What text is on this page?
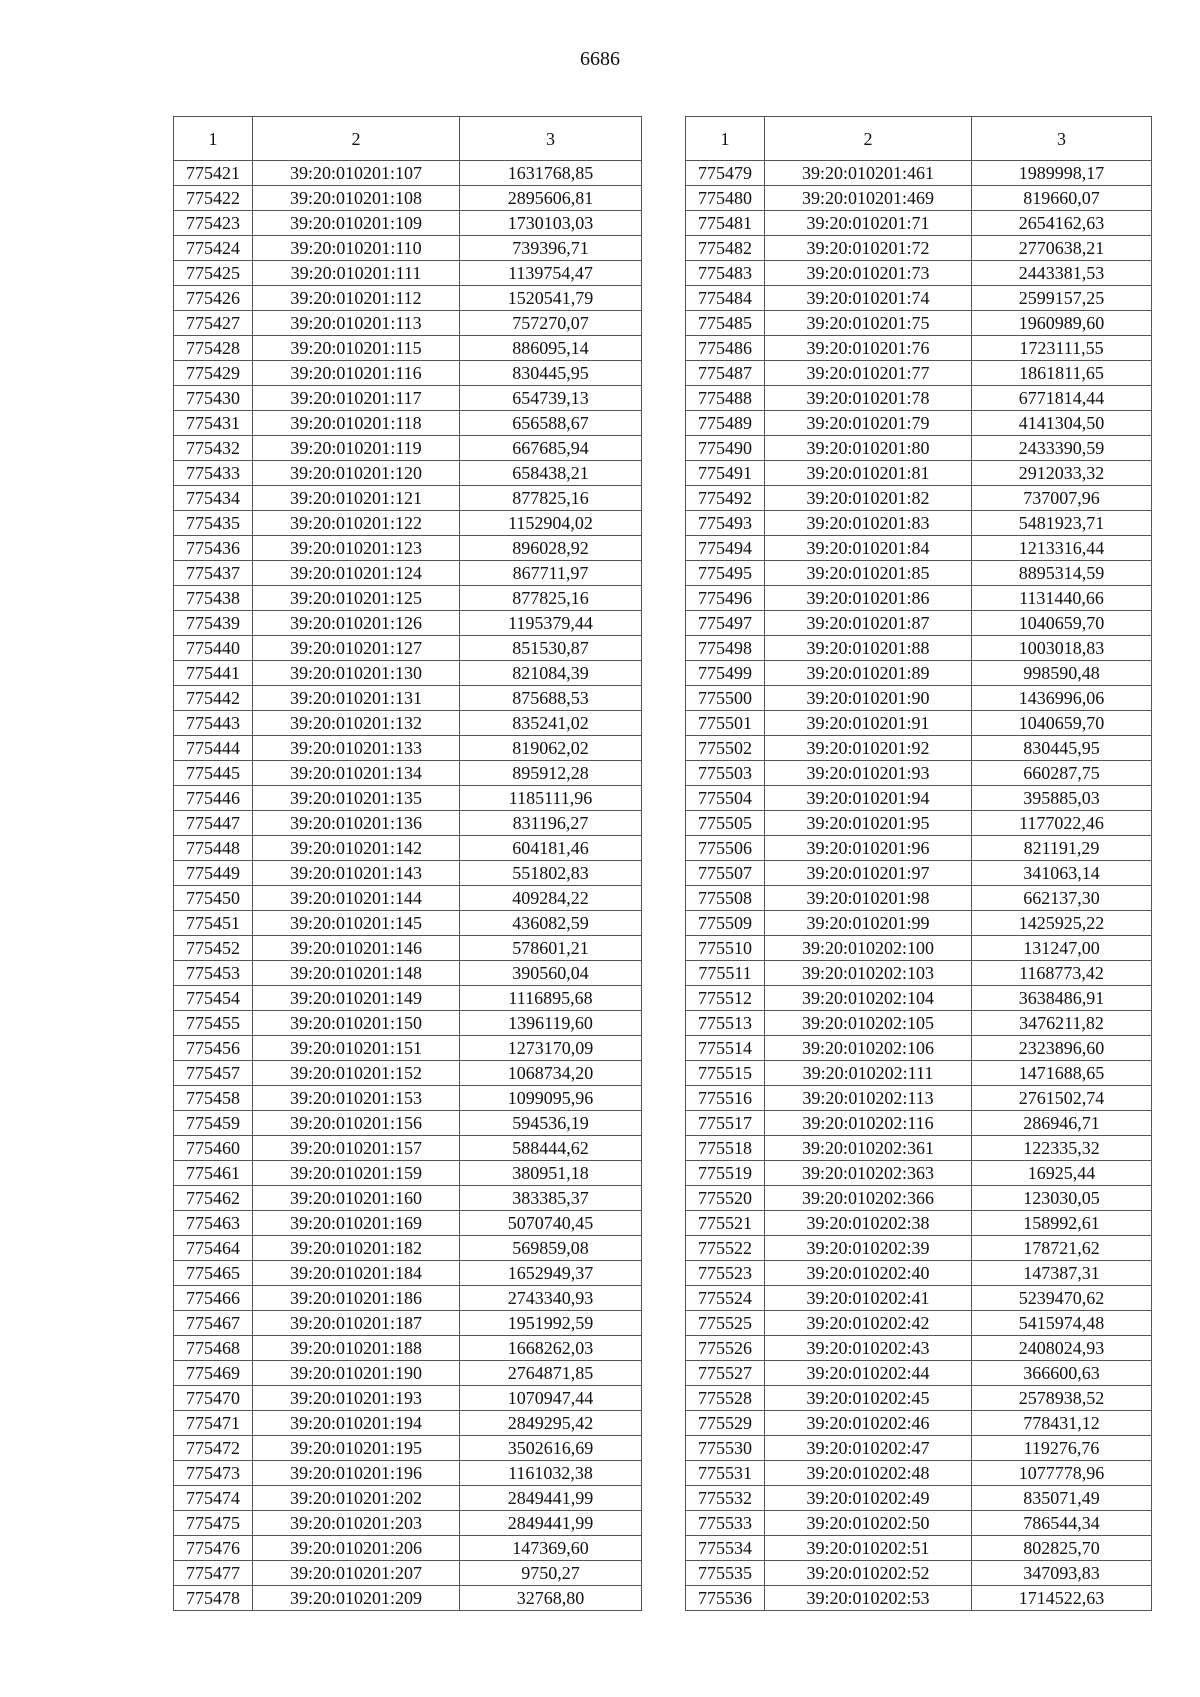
6686
1	2	3
775421	39:20:010201:107	1631768,85
775422	39:20:010201:108	2895606,81
775423	39:20:010201:109	1730103,03
775424	39:20:010201:110	739396,71
775425	39:20:010201:111	1139754,47
775426	39:20:010201:112	1520541,79
775427	39:20:010201:113	757270,07
775428	39:20:010201:115	886095,14
775429	39:20:010201:116	830445,95
775430	39:20:010201:117	654739,13
775431	39:20:010201:118	656588,67
775432	39:20:010201:119	667685,94
775433	39:20:010201:120	658438,21
775434	39:20:010201:121	877825,16
775435	39:20:010201:122	1152904,02
775436	39:20:010201:123	896028,92
775437	39:20:010201:124	867711,97
775438	39:20:010201:125	877825,16
775439	39:20:010201:126	1195379,44
775440	39:20:010201:127	851530,87
775441	39:20:010201:130	821084,39
775442	39:20:010201:131	875688,53
775443	39:20:010201:132	835241,02
775444	39:20:010201:133	819062,02
775445	39:20:010201:134	895912,28
775446	39:20:010201:135	1185111,96
775447	39:20:010201:136	831196,27
775448	39:20:010201:142	604181,46
775449	39:20:010201:143	551802,83
775450	39:20:010201:144	409284,22
775451	39:20:010201:145	436082,59
775452	39:20:010201:146	578601,21
775453	39:20:010201:148	390560,04
775454	39:20:010201:149	1116895,68
775455	39:20:010201:150	1396119,60
775456	39:20:010201:151	1273170,09
775457	39:20:010201:152	1068734,20
775458	39:20:010201:153	1099095,96
775459	39:20:010201:156	594536,19
775460	39:20:010201:157	588444,62
775461	39:20:010201:159	380951,18
775462	39:20:010201:160	383385,37
775463	39:20:010201:169	5070740,45
775464	39:20:010201:182	569859,08
775465	39:20:010201:184	1652949,37
775466	39:20:010201:186	2743340,93
775467	39:20:010201:187	1951992,59
775468	39:20:010201:188	1668262,03
775469	39:20:010201:190	2764871,85
775470	39:20:010201:193	1070947,44
775471	39:20:010201:194	2849295,42
775472	39:20:010201:195	3502616,69
775473	39:20:010201:196	1161032,38
775474	39:20:010201:202	2849441,99
775475	39:20:010201:203	2849441,99
775476	39:20:010201:206	147369,60
775477	39:20:010201:207	9750,27
775478	39:20:010201:209	32768,80
1	2	3
775479	39:20:010201:461	1989998,17
775480	39:20:010201:469	819660,07
775481	39:20:010201:71	2654162,63
775482	39:20:010201:72	2770638,21
775483	39:20:010201:73	2443381,53
775484	39:20:010201:74	2599157,25
775485	39:20:010201:75	1960989,60
775486	39:20:010201:76	1723111,55
775487	39:20:010201:77	1861811,65
775488	39:20:010201:78	6771814,44
775489	39:20:010201:79	4141304,50
775490	39:20:010201:80	2433390,59
775491	39:20:010201:81	2912033,32
775492	39:20:010201:82	737007,96
775493	39:20:010201:83	5481923,71
775494	39:20:010201:84	1213316,44
775495	39:20:010201:85	8895314,59
775496	39:20:010201:86	1131440,66
775497	39:20:010201:87	1040659,70
775498	39:20:010201:88	1003018,83
775499	39:20:010201:89	998590,48
775500	39:20:010201:90	1436996,06
775501	39:20:010201:91	1040659,70
775502	39:20:010201:92	830445,95
775503	39:20:010201:93	660287,75
775504	39:20:010201:94	395885,03
775505	39:20:010201:95	1177022,46
775506	39:20:010201:96	821191,29
775507	39:20:010201:97	341063,14
775508	39:20:010201:98	662137,30
775509	39:20:010201:99	1425925,22
775510	39:20:010202:100	131247,00
775511	39:20:010202:103	1168773,42
775512	39:20:010202:104	3638486,91
775513	39:20:010202:105	3476211,82
775514	39:20:010202:106	2323896,60
775515	39:20:010202:111	1471688,65
775516	39:20:010202:113	2761502,74
775517	39:20:010202:116	286946,71
775518	39:20:010202:361	122335,32
775519	39:20:010202:363	16925,44
775520	39:20:010202:366	123030,05
775521	39:20:010202:38	158992,61
775522	39:20:010202:39	178721,62
775523	39:20:010202:40	147387,31
775524	39:20:010202:41	5239470,62
775525	39:20:010202:42	5415974,48
775526	39:20:010202:43	2408024,93
775527	39:20:010202:44	366600,63
775528	39:20:010202:45	2578938,52
775529	39:20:010202:46	778431,12
775530	39:20:010202:47	119276,76
775531	39:20:010202:48	1077778,96
775532	39:20:010202:49	835071,49
775533	39:20:010202:50	786544,34
775534	39:20:010202:51	802825,70
775535	39:20:010202:52	347093,83
775536	39:20:010202:53	1714522,63
